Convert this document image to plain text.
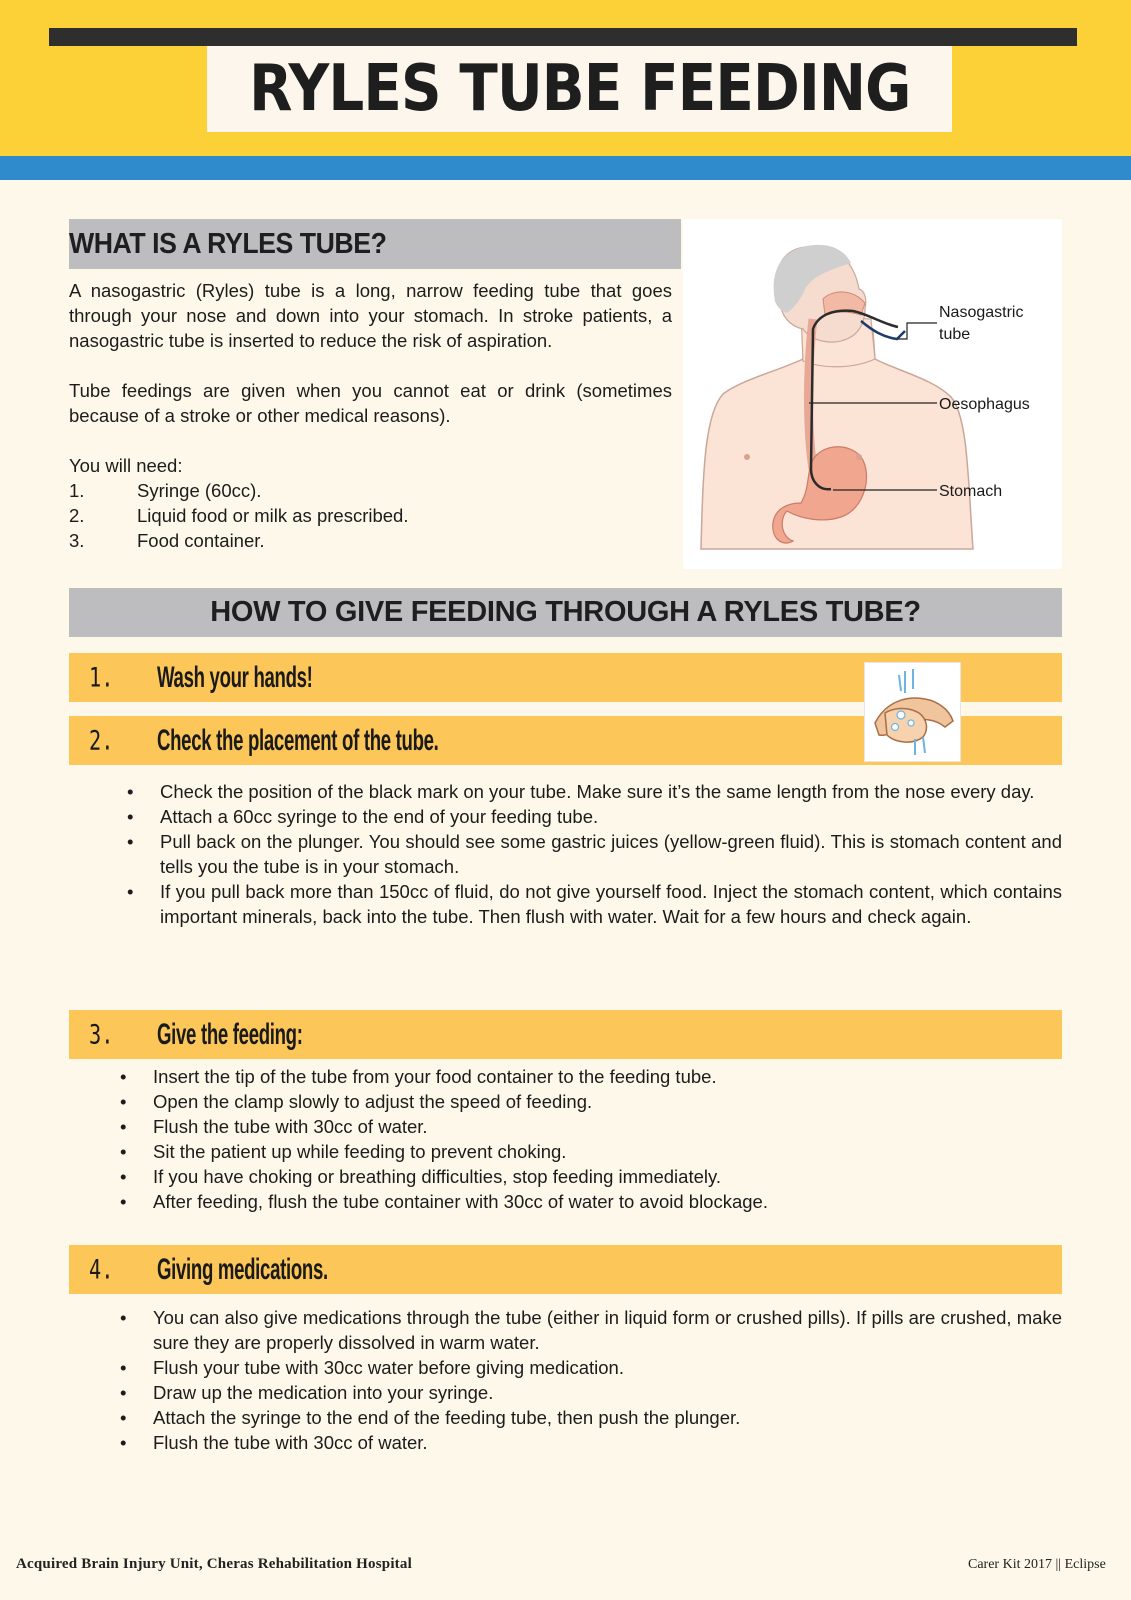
RYLES TUBE FEEDING
WHAT IS A RYLES TUBE?

A nasogastric (Ryles) tube is a long, narrow feeding tube that goes through your nose and down into your stomach. In stroke patients, a nasogastric tube is inserted to reduce the risk of aspiration.

Tube feedings are given when you cannot eat or drink (sometimes because of a stroke or other medical reasons).

You will need:

1.	Syringe (60cc).
2.	Liquid food or milk as prescribed.
3.	Food container.
Nasogastric
tube
Oesophagus
Stomach
HOW TO GIVE FEEDING THROUGH A RYLES TUBE?
1. Wash your hands!
2. Check the placement of the tube.
• Check the position of the black mark on your tube. Make sure it’s the same length from the nose every day.
• Attach a 60cc syringe to the end of your feeding tube.
• Pull back on the plunger. You should see some gastric juices (yellow-green fluid). This is stomach content and tells you the tube is in your stomach.
• If you pull back more than 150cc of fluid, do not give yourself food. Inject the stomach content, which contains important minerals, back into the tube. Then flush with water. Wait for a few hours and check again.
3. Give the feeding:
• Insert the tip of the tube from your food container to the feeding tube.
• Open the clamp slowly to adjust the speed of feeding.
• Flush the tube with 30cc of water.
• Sit the patient up while feeding to prevent choking.
• If you have choking or breathing difficulties, stop feeding immediately.
• After feeding, flush the tube container with 30cc of water to avoid blockage.
4. Giving medications.
• You can also give medications through the tube (either in liquid form or crushed pills). If pills are crushed, make sure they are properly dissolved in warm water.
• Flush your tube with 30cc water before giving medication.
• Draw up the medication into your syringe.
• Attach the syringe to the end of the feeding tube, then push the plunger.
• Flush the tube with 30cc of water.
Acquired Brain Injury Unit, Cheras Rehabilitation Hospital	Carer Kit 2017 || Eclipse
